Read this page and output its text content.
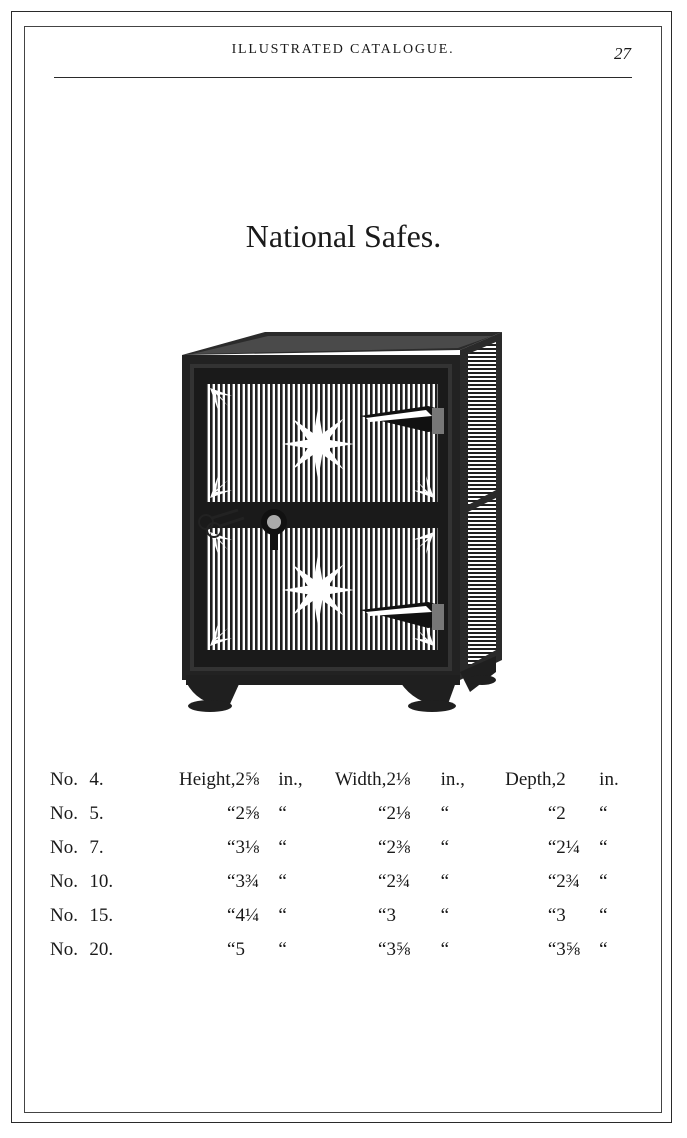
ILLUSTRATED CATALOGUE.	27
National Safes.
No.	4.	Height,	2⅝	in.,	Width,	2⅛	in.,	Depth,	2	in.
No.	5.	“	2⅝	“	“	2⅛	“	“	2	“
No.	7.	“	3⅛	“	“	2⅜	“	“	2¼	“
No.	10.	“	3¾	“	“	2¾	“	“	2¾	“
No.	15.	“	4¼	“	“	3	“	“	3	“
No.	20.	“	5	“	“	3⅝	“	“	3⅝	“
